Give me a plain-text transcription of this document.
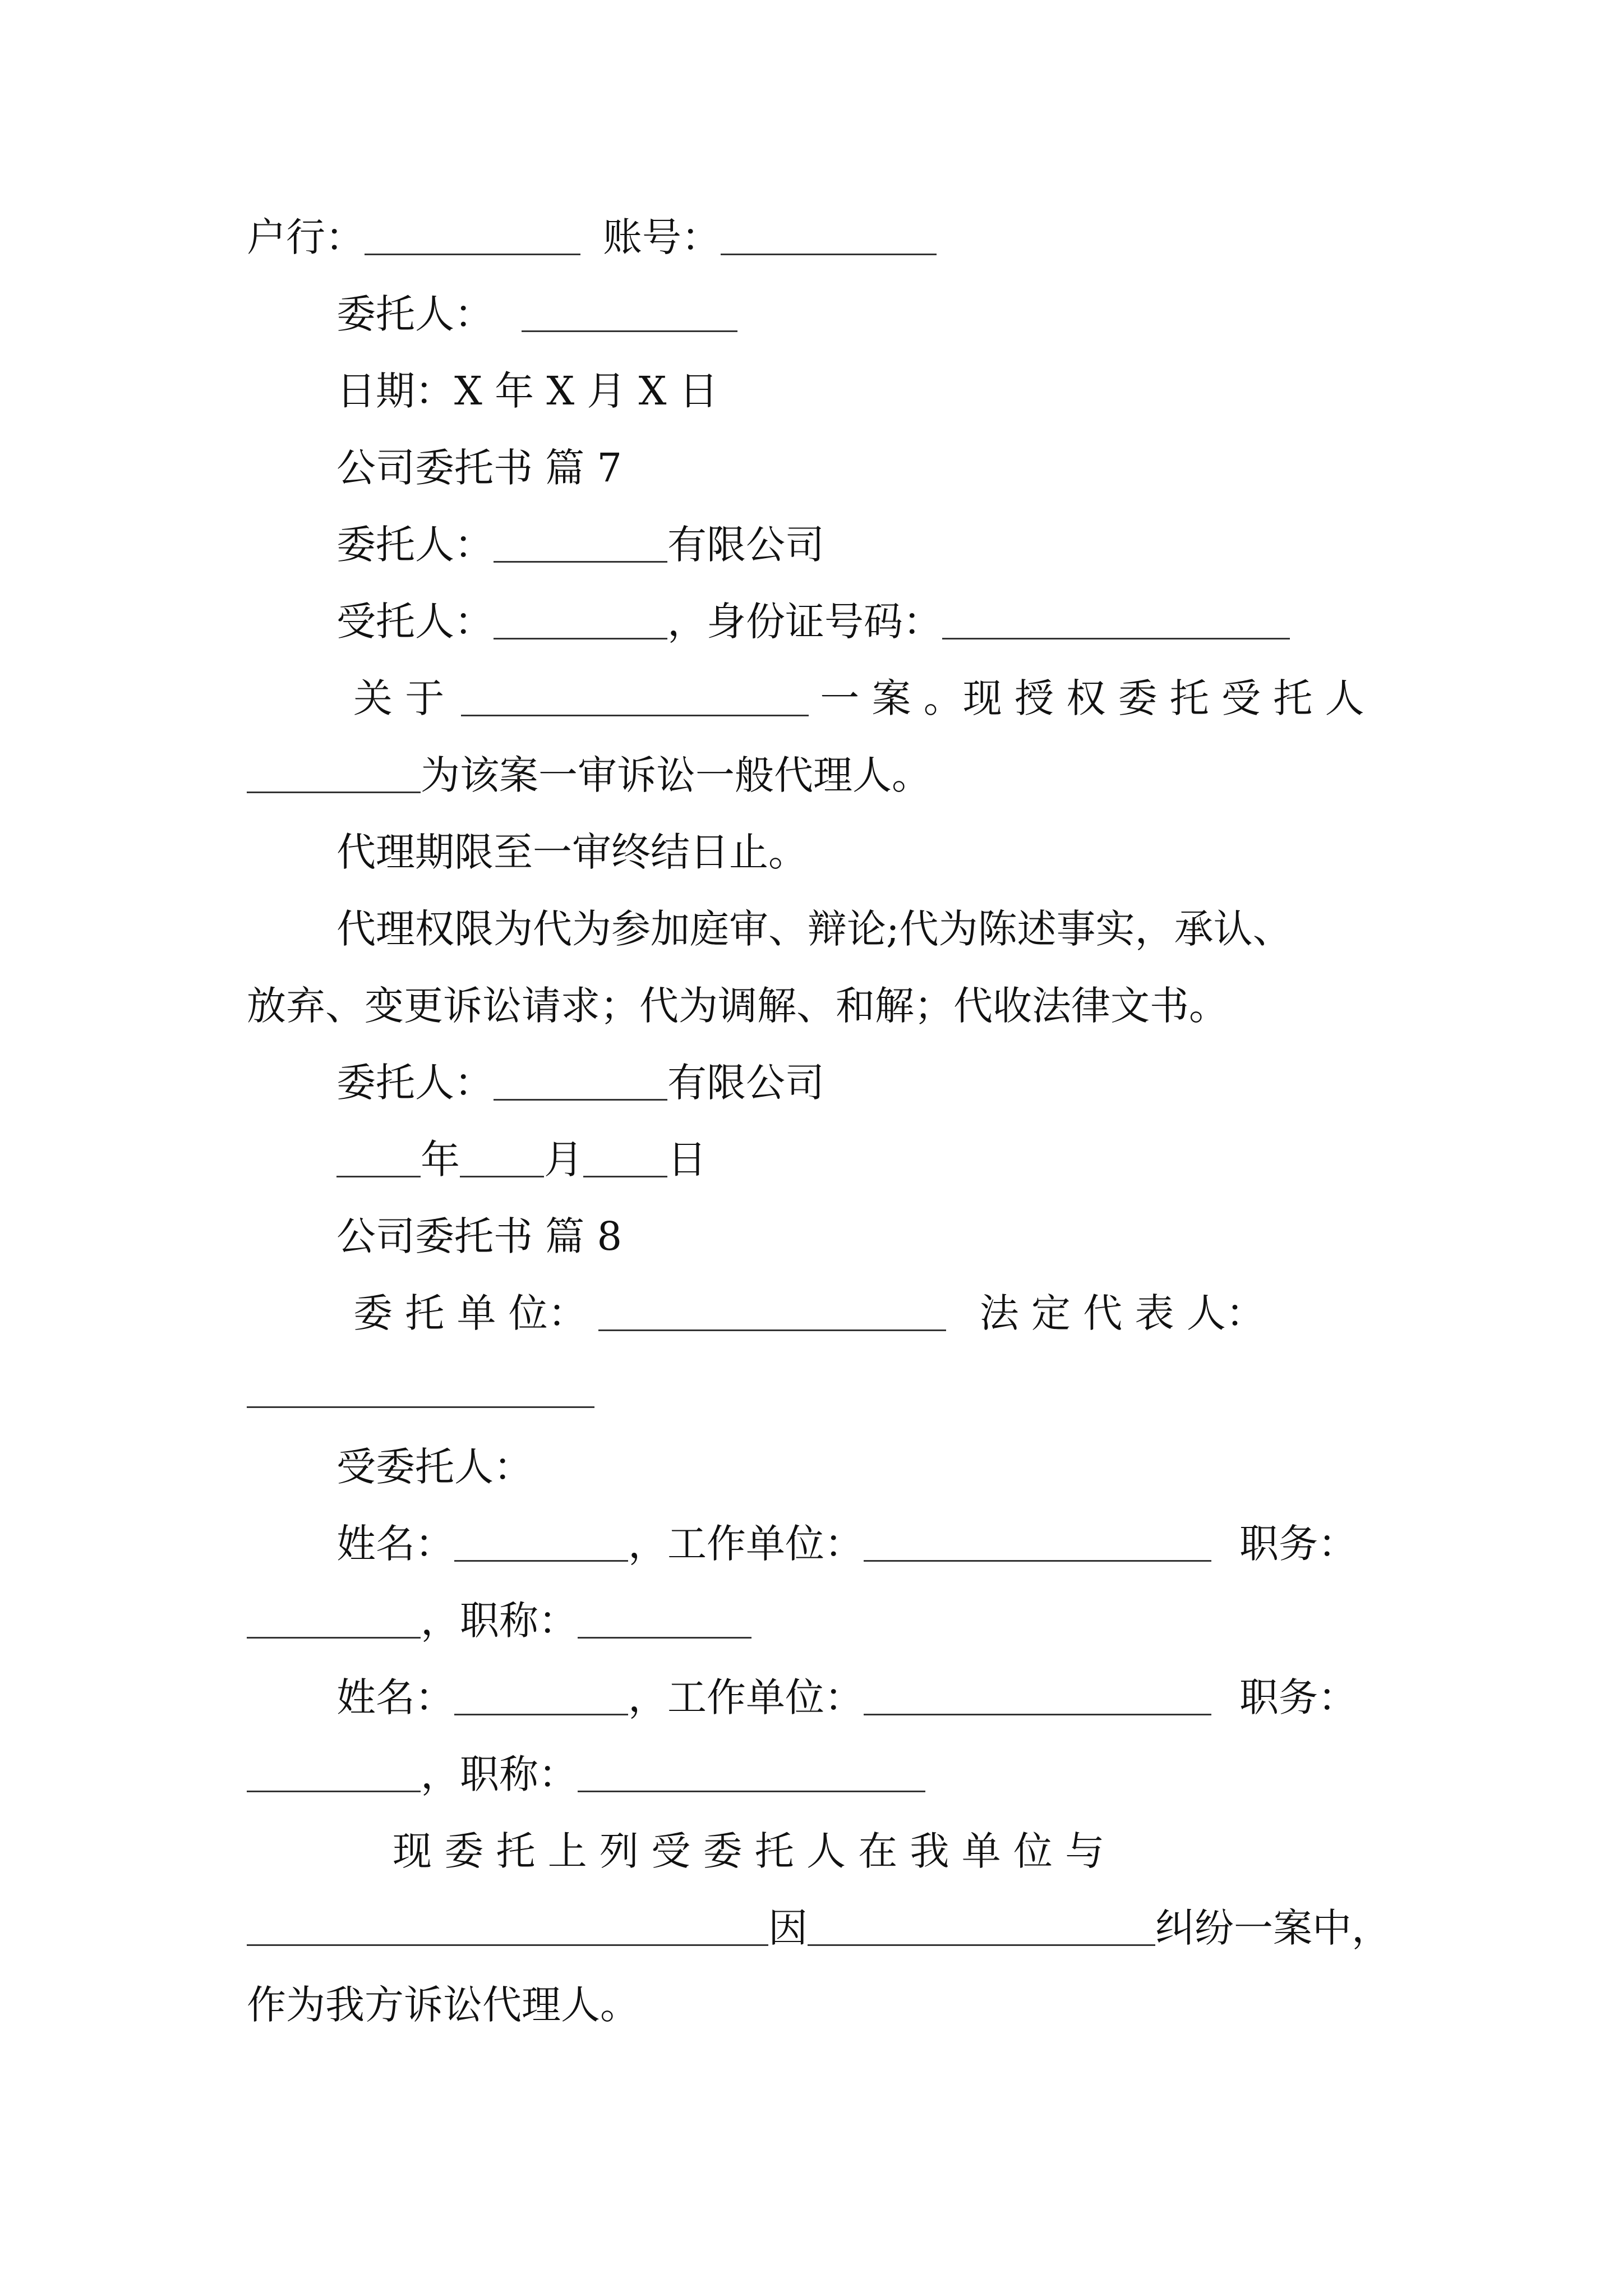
户行：	账号：
委托人：
日期：X 年 X 月 X 日
公司委托书 篇 7
委托人：	有限公司
受托人：	，身份证号码：
关 于	一 案 。现 授 权 委 托 受 托 人
为该案一审诉讼一般代理人。
代理期限至一审终结日止。
代理权限为代为参加庭审、辩论;代为陈述事实，承认、
放弃、变更诉讼请求；代为调解、和解；代收法律文书。
委托人：	有限公司
年 月 日
公司委托书 篇 8
委 托 单 位：	法 定 代 表 人：
受委托人：
姓名：	，工作单位：	职务：
，职称：
姓名：	，工作单位：	职务：
，职称：
现 委 托 上 列 受 委 托 人 在 我 单 位 与
因	纠纷一案中，
作为我方诉讼代理人。
